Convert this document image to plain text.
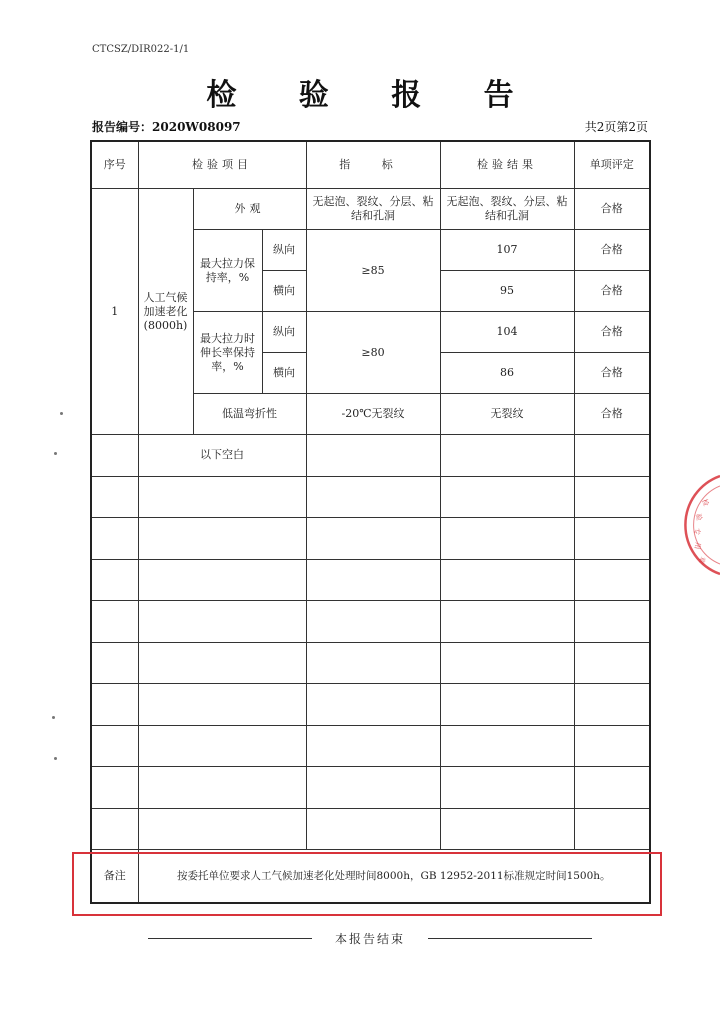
CTCSZ/DIR022-1/1
检 验 报 告
报告编号：2020W08097	共2页第2页
序号	检验项目			指 标	检验结果	单项评定
1	人工气候加速老化(8000h)	外观		无起泡、裂纹、分层、粘结和孔洞	无起泡、裂纹、分层、粘结和孔洞	合格
		最大拉力保持率，%	纵向	≥85	107	合格
			横向		95	合格
		最大拉力时伸长率保持率，%	纵向	≥80	104	合格
			横向		86	合格
		低温弯折性		-20℃无裂纹	无裂纹	合格
	以下空白					

备注	按委托单位要求人工气候加速老化处理时间8000h，GB 12952-2011标准规定时间1500h。					
本报告结束
检
验
专
用
章
